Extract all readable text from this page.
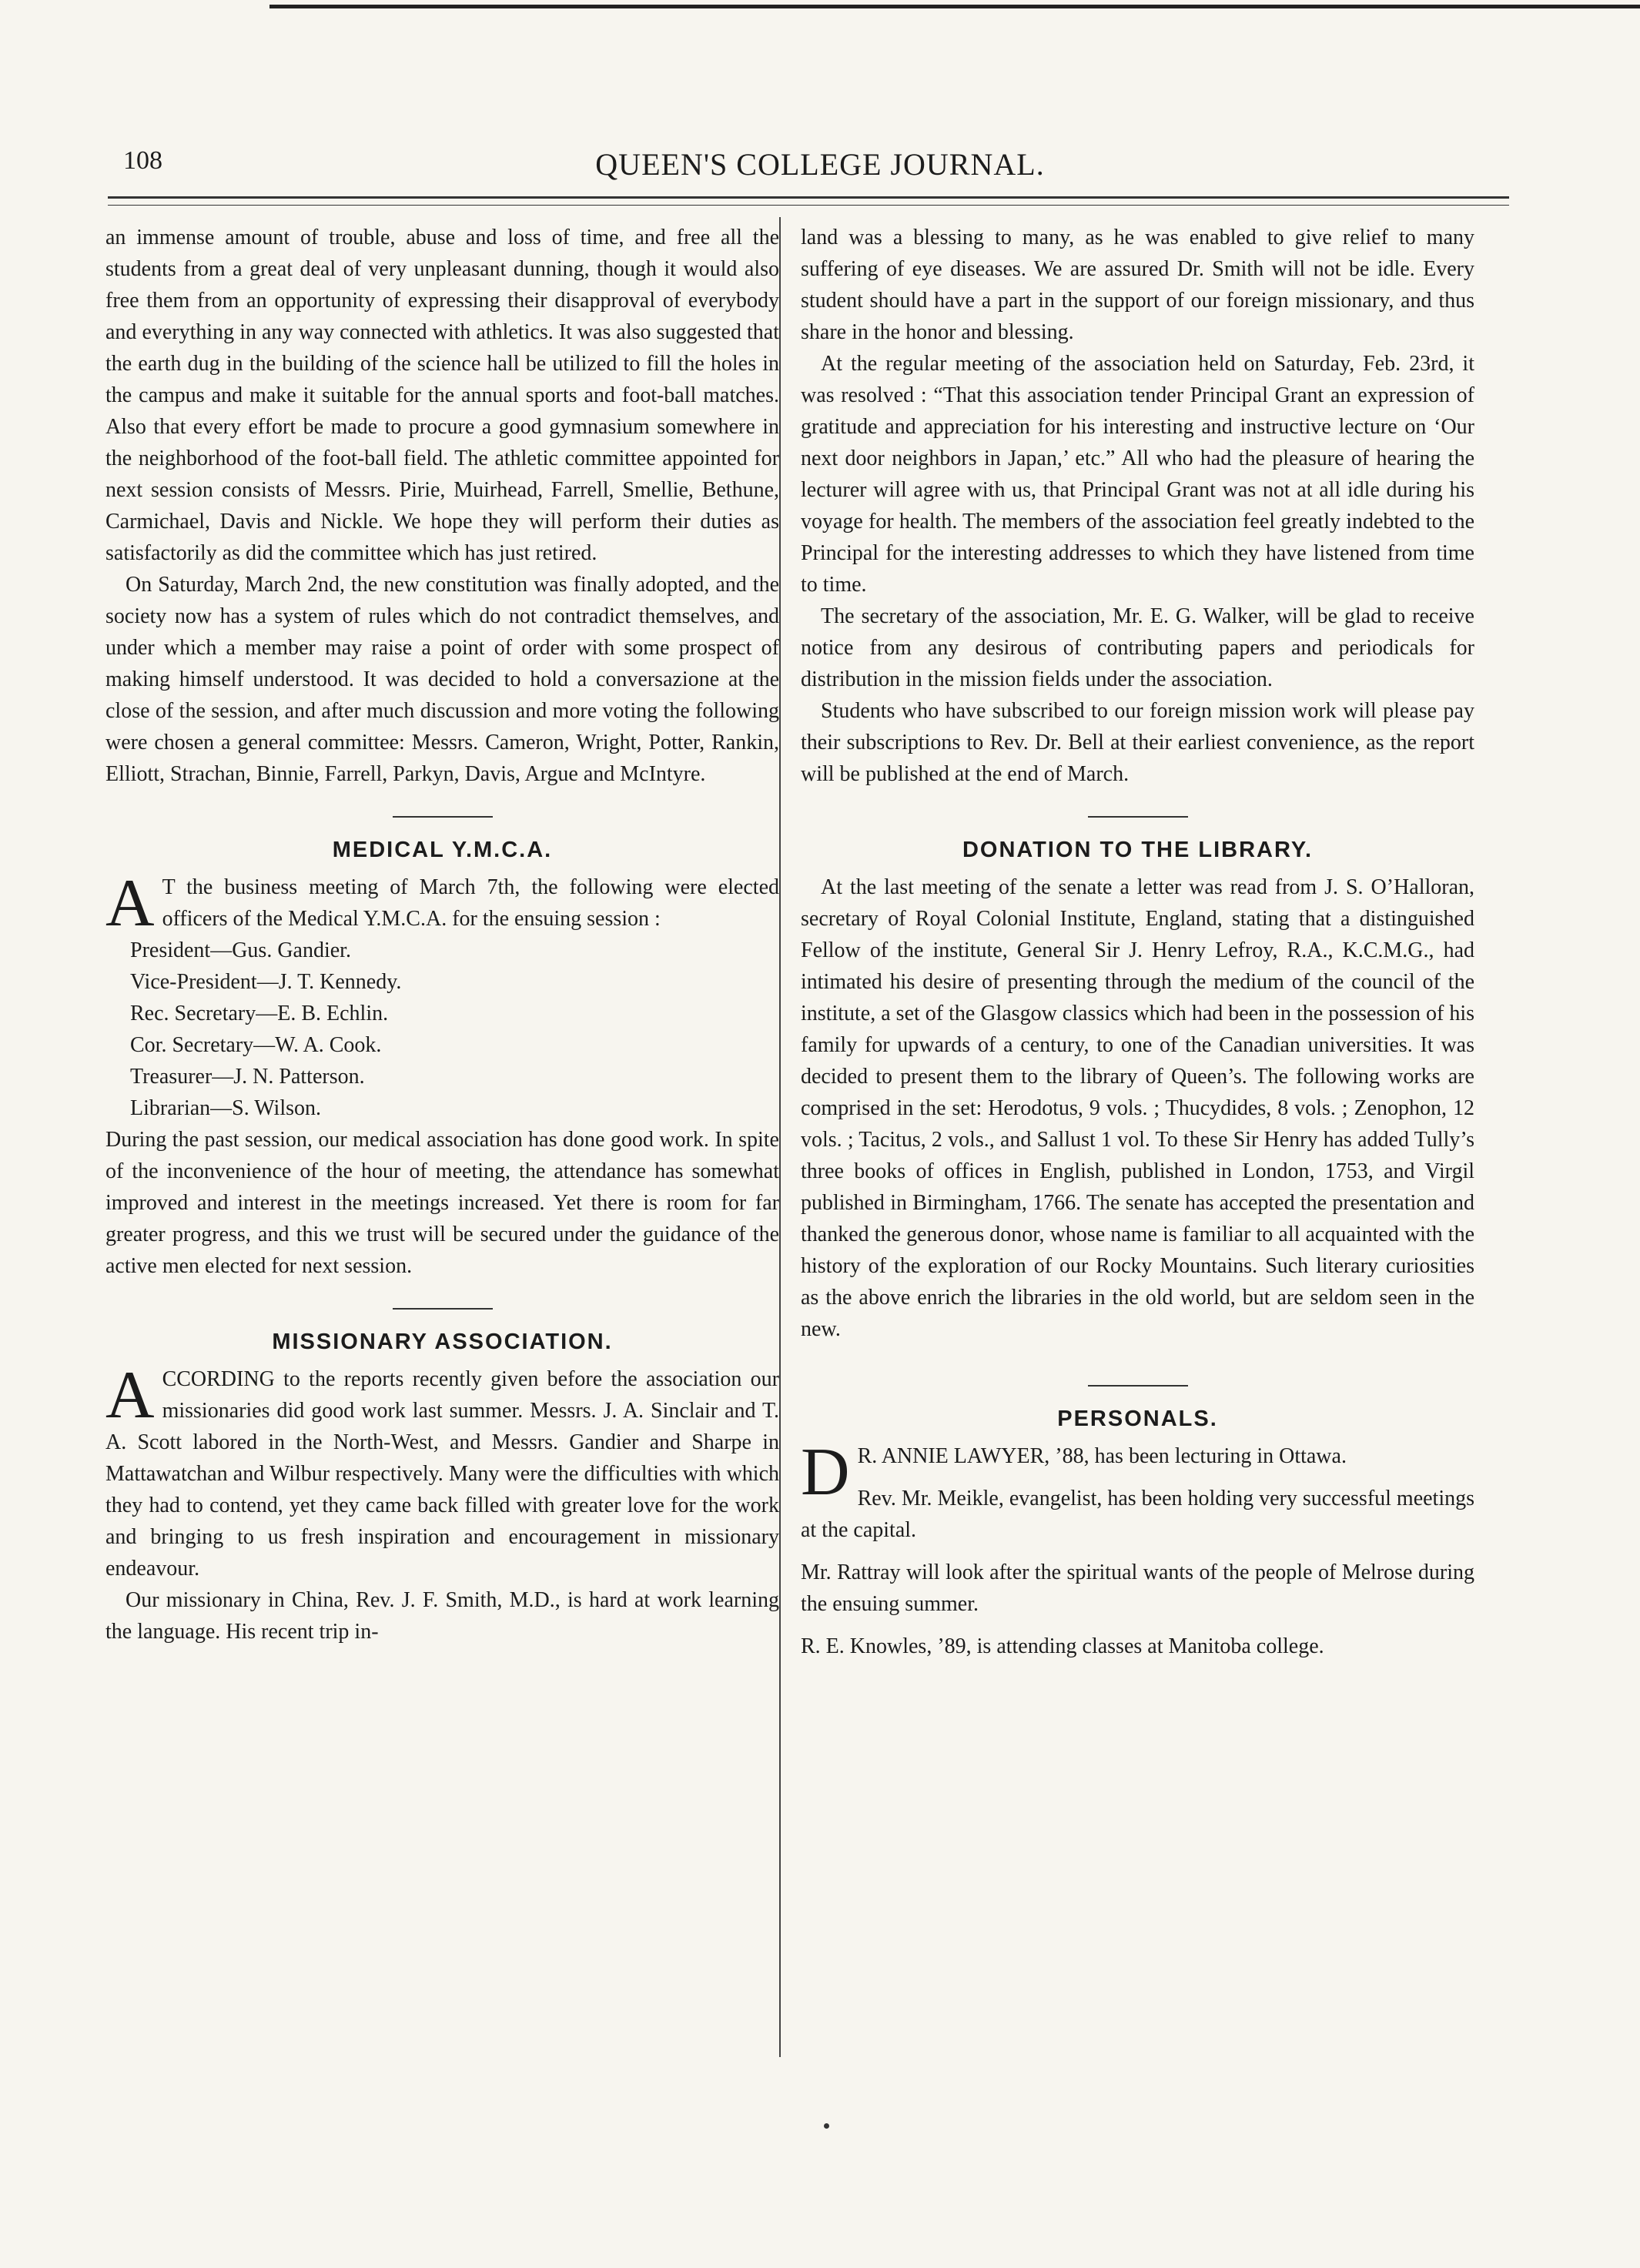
108	QUEEN'S COLLEGE JOURNAL.

an immense amount of trouble, abuse and loss of time, and free all the students from a great deal of very unpleasant dunning, though it would also free them from an opportunity of expressing their disapproval of everybody and everything in any way connected with athletics. It was also suggested that the earth dug in the building of the science hall be utilized to fill the holes in the campus and make it suitable for the annual sports and foot-ball matches. Also that every effort be made to procure a good gymnasium somewhere in the neighborhood of the foot-ball field. The athletic committee appointed for next session consists of Messrs. Pirie, Muirhead, Farrell, Smellie, Bethune, Carmichael, Davis and Nickle. We hope they will perform their duties as satisfactorily as did the committee which has just retired.

On Saturday, March 2nd, the new constitution was finally adopted, and the society now has a system of rules which do not contradict themselves, and under which a member may raise a point of order with some prospect of making himself understood. It was decided to hold a conversazione at the close of the session, and after much discussion and more voting the following were chosen a general committee: Messrs. Cameron, Wright, Potter, Rankin, Elliott, Strachan, Binnie, Farrell, Parkyn, Davis, Argue and McIntyre.

MEDICAL Y.M.C.A.

A T the business meeting of March 7th, the following were elected officers of the Medical Y.M.C.A. for the ensuing session :

President—Gus. Gandier.
Vice-President—J. T. Kennedy.
Rec. Secretary—E. B. Echlin.
Cor. Secretary—W. A. Cook.
Treasurer—J. N. Patterson.
Librarian—S. Wilson.

During the past session, our medical association has done good work. In spite of the inconvenience of the hour of meeting, the attendance has somewhat improved and interest in the meetings increased. Yet there is room for far greater progress, and this we trust will be secured under the guidance of the active men elected for next session.

MISSIONARY ASSOCIATION.

ACCORDING to the reports recently given before the association our missionaries did good work last summer. Messrs. J. A. Sinclair and T. A. Scott labored in the North-West, and Messrs. Gandier and Sharpe in Mattawatchan and Wilbur respectively. Many were the difficulties with which they had to contend, yet they came back filled with greater love for the work and bringing to us fresh inspiration and encouragement in missionary endeavour.

Our missionary in China, Rev. J. F. Smith, M.D., is hard at work learning the language. His recent trip in-

land was a blessing to many, as he was enabled to give relief to many suffering of eye diseases. We are assured Dr. Smith will not be idle. Every student should have a part in the support of our foreign missionary, and thus share in the honor and blessing.

At the regular meeting of the association held on Saturday, Feb. 23rd, it was resolved : “That this association tender Principal Grant an expression of gratitude and appreciation for his interesting and instructive lecture on ‘Our next door neighbors in Japan,’ etc.” All who had the pleasure of hearing the lecturer will agree with us, that Principal Grant was not at all idle during his voyage for health. The members of the association feel greatly indebted to the Principal for the interesting addresses to which they have listened from time to time.

The secretary of the association, Mr. E. G. Walker, will be glad to receive notice from any desirous of contributing papers and periodicals for distribution in the mission fields under the association.

Students who have subscribed to our foreign mission work will please pay their subscriptions to Rev. Dr. Bell at their earliest convenience, as the report will be published at the end of March.

DONATION TO THE LIBRARY.

At the last meeting of the senate a letter was read from J. S. O’Halloran, secretary of Royal Colonial Institute, England, stating that a distinguished Fellow of the institute, General Sir J. Henry Lefroy, R.A., K.C.M.G., had intimated his desire of presenting through the medium of the council of the institute, a set of the Glasgow classics which had been in the possession of his family for upwards of a century, to one of the Canadian universities. It was decided to present them to the library of Queen’s. The following works are comprised in the set: Herodotus, 9 vols. ; Thucydides, 8 vols. ; Zenophon, 12 vols. ; Tacitus, 2 vols., and Sallust 1 vol. To these Sir Henry has added Tully’s three books of offices in English, published in London, 1753, and Virgil published in Birmingham, 1766. The senate has accepted the presentation and thanked the generous donor, whose name is familiar to all acquainted with the history of the exploration of our Rocky Mountains. Such literary curiosities as the above enrich the libraries in the old world, but are seldom seen in the new.

PERSONALS.

D R. ANNIE LAWYER, ’88, has been lecturing in Ottawa.

Rev. Mr. Meikle, evangelist, has been holding very successful meetings at the capital.

Mr. Rattray will look after the spiritual wants of the people of Melrose during the ensuing summer.

R. E. Knowles, ’89, is attending classes at Manitoba college.
